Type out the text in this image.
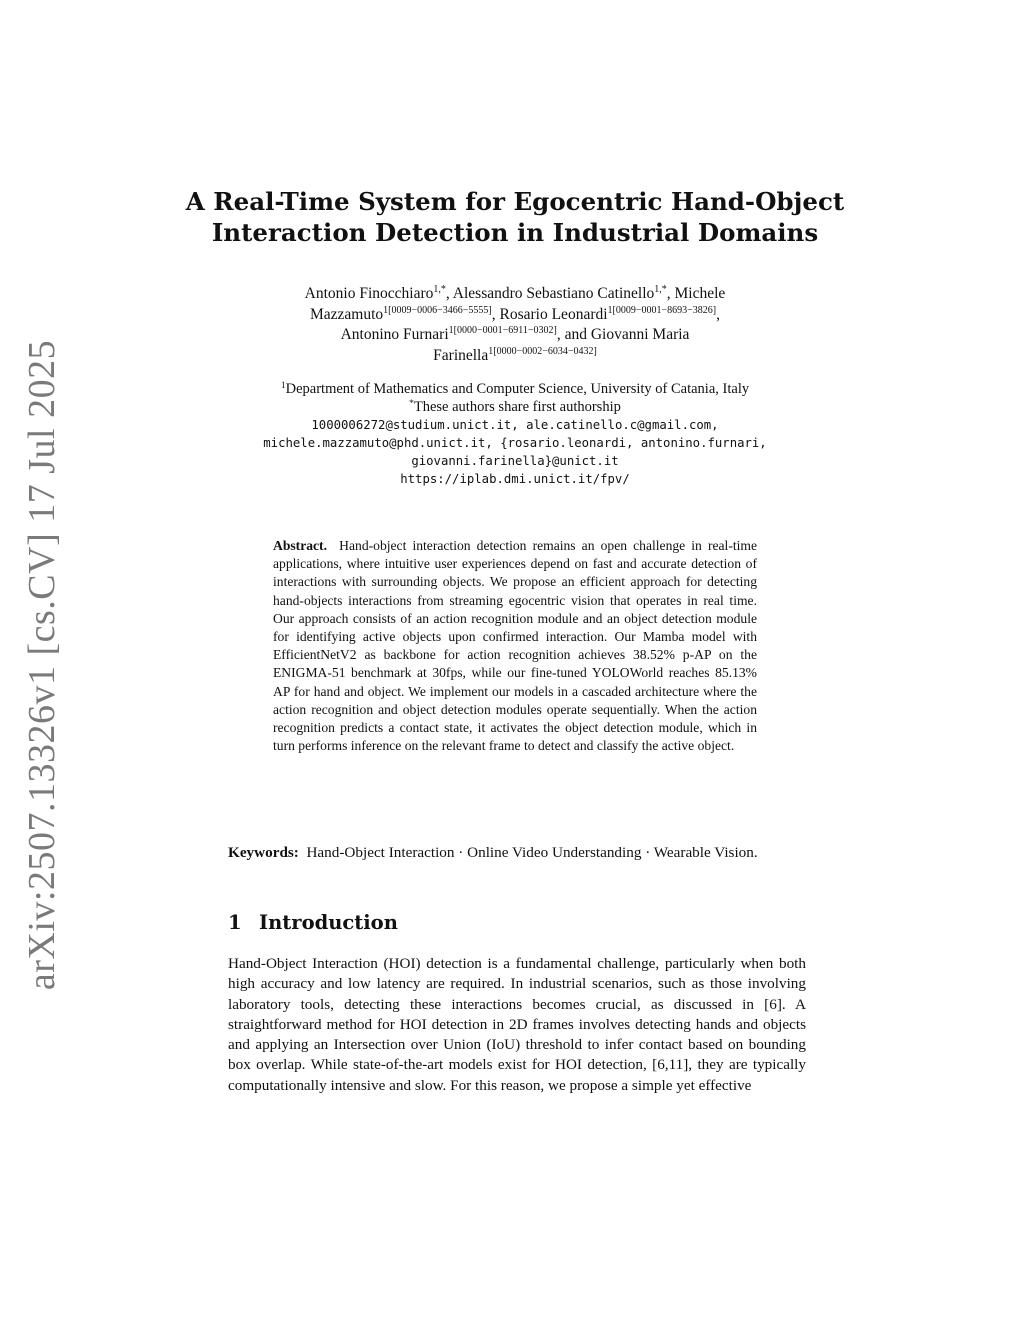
arXiv:2507.13326v1 [cs.CV] 17 Jul 2025
A Real-Time System for Egocentric Hand-Object
Interaction Detection in Industrial Domains
Antonio Finocchiaro$^{1,*}$, Alessandro Sebastiano Catinello$^{1,*}$, Michele
Mazzamuto$^{1[0009-0006-3466-5555]}$, Rosario Leonardi$^{1[0009-0001-8693-3826]}$,
Antonino Furnari$^{1[0000-0001-6911-0302]}$, and Giovanni Maria
Farinella$^{1[0000-0002-6034-0432]}$
$^1$Department of Mathematics and Computer Science, University of Catania, Italy
*These authors share first authorship
1000006272@studium.unict.it, ale.catinello.c@gmail.com,
michele.mazzamuto@phd.unict.it, {rosario.leonardi, antonino.furnari,
giovanni.farinella}@unict.it
https://iplab.dmi.unict.it/fpv/
Abstract. Hand-object interaction detection remains an open challenge in real-time applications, where intuitive user experiences depend on fast and accurate detection of interactions with surrounding objects. We propose an efficient approach for detecting hand-objects interactions from streaming egocentric vision that operates in real time. Our approach consists of an action recognition module and an object detection module for identifying active objects upon confirmed interaction. Our Mamba model with EfficientNetV2 as backbone for action recognition achieves 38.52% p-AP on the ENIGMA-51 benchmark at 30fps, while our fine-tuned YOLOWorld reaches 85.13% AP for hand and object. We implement our models in a cascaded architecture where the action recognition and object detection modules operate sequentially. When the action recognition predicts a contact state, it activates the object detection module, which in turn performs inference on the relevant frame to detect and classify the active object.
Keywords: Hand-Object Interaction · Online Video Understanding · Wearable Vision.
1 Introduction
Hand-Object Interaction (HOI) detection is a fundamental challenge, particularly when both high accuracy and low latency are required. In industrial scenarios, such as those involving laboratory tools, detecting these interactions becomes crucial, as discussed in [6]. A straightforward method for HOI detection in 2D frames involves detecting hands and objects and applying an Intersection over Union (IoU) threshold to infer contact based on bounding box overlap. While state-of-the-art models exist for HOI detection, [6,11], they are typically computationally intensive and slow. For this reason, we propose a simple yet effective
